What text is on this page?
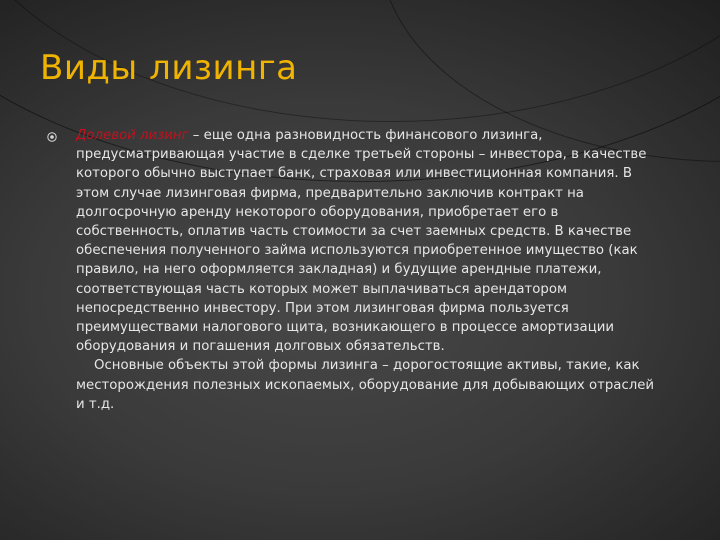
Виды лизинга

Долевой лизинг – еще одна разновидность финансового лизинга, предусматривающая участие в сделке третьей стороны – инвестора, в качестве которого обычно выступает банк, страховая или инвестиционная компания. В этом случае лизинговая фирма, предварительно заключив контракт на долгосрочную аренду некоторого оборудования, приобретает его в собственность, оплатив часть стоимости за счет заемных средств. В качестве обеспечения полученного займа используются приобретенное имущество (как правило, на него оформляется закладная) и будущие арендные платежи, соответствующая часть которых может выплачиваться арендатором непосредственно инвестору. При этом лизинговая фирма пользуется преимуществами налогового щита, возникающего в процессе амортизации оборудования и погашения долговых обязательств.
Основные объекты этой формы лизинга – дорогостоящие активы, такие, как месторождения полезных ископаемых, оборудование для добывающих отраслей и т.д.
